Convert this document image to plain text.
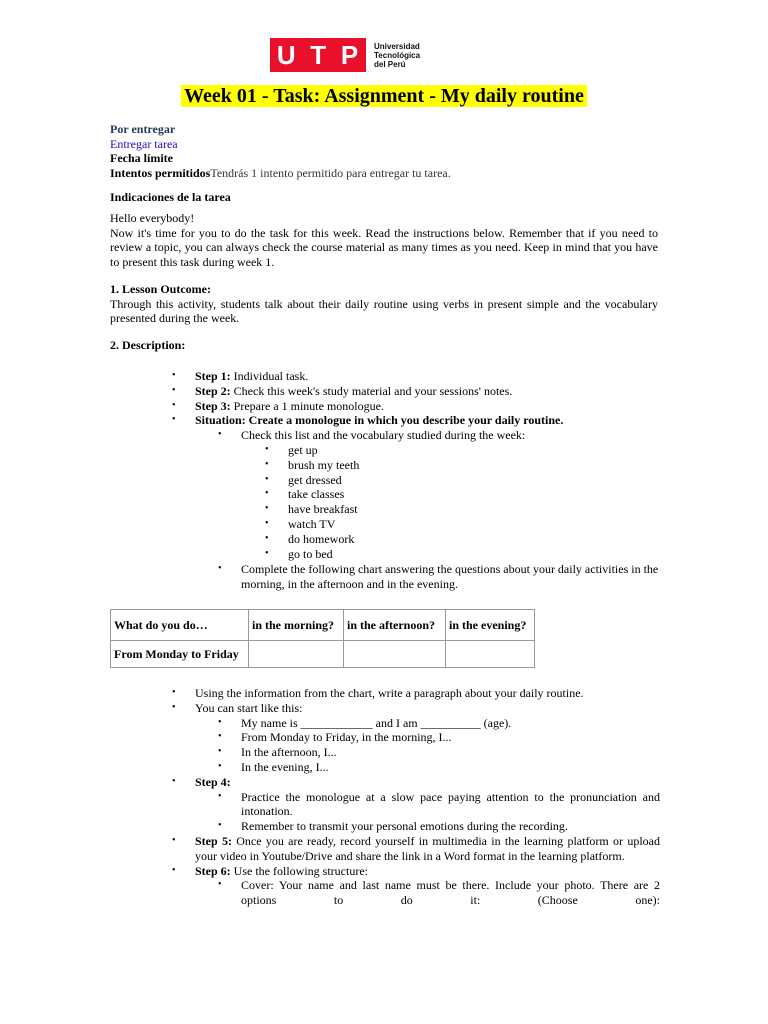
U T P Universidad
Tecnológica
del Perú
Week 01 - Task: Assignment - My daily routine
Por entregar
Entregar tarea
Fecha límite
Intentos permitidosTendrás 1 intento permitido para entregar tu tarea.
Indicaciones de la tarea
Hello everybody!
Now it's time for you to do the task for this week. Read the instructions below. Remember that if you need to review a topic, you can always check the course material as many times as you need. Keep in mind that you have to present this task during week 1.
1. Lesson Outcome:
Through this activity, students talk about their daily routine using verbs in present simple and the vocabulary presented during the week.
2. Description:
• Step 1: Individual task.
• Step 2: Check this week's study material and your sessions' notes.
• Step 3: Prepare a 1 minute monologue.
• Situation: Create a monologue in which you describe your daily routine.
• Check this list and the vocabulary studied during the week:
• get up
• brush my teeth
• get dressed
• take classes
• have breakfast
• watch TV
• do homework
• go to bed
• Complete the following chart answering the questions about your daily activities in the morning, in the afternoon and in the evening.
What do you do…	in the morning?	in the afternoon?	in the evening?
From Monday to Friday			
• Using the information from the chart, write a paragraph about your daily routine.
• You can start like this:
• My name is ____________ and I am __________ (age).
• From Monday to Friday, in the morning, I...
• In the afternoon, I...
• In the evening, I...
• Step 4:
• Practice the monologue at a slow pace paying attention to the pronunciation and intonation.
• Remember to transmit your personal emotions during the recording.
• Step 5: Once you are ready, record yourself in multimedia in the learning platform or upload your video in Youtube/Drive and share the link in a Word format in the learning platform.
• Step 6: Use the following structure:
• Cover: Your name and last name must be there. Include your photo. There are 2 options to do it: (Choose one):
